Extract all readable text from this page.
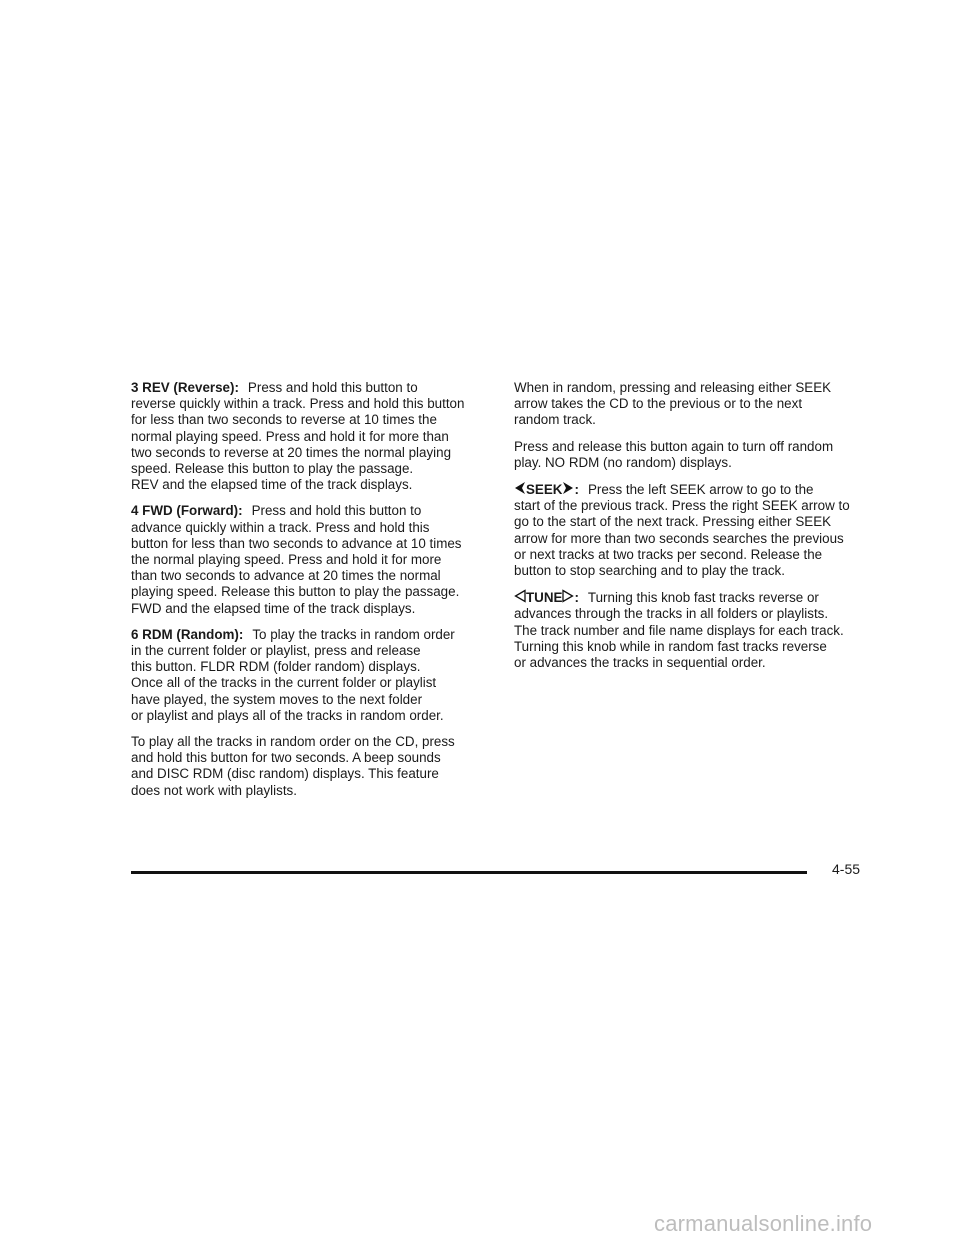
3 REV (Reverse): Press and hold this button to
reverse quickly within a track. Press and hold this button
for less than two seconds to reverse at 10 times the
normal playing speed. Press and hold it for more than
two seconds to reverse at 20 times the normal playing
speed. Release this button to play the passage.
REV and the elapsed time of the track displays.
4 FWD (Forward): Press and hold this button to
advance quickly within a track. Press and hold this
button for less than two seconds to advance at 10 times
the normal playing speed. Press and hold it for more
than two seconds to advance at 20 times the normal
playing speed. Release this button to play the passage.
FWD and the elapsed time of the track displays.
6 RDM (Random): To play the tracks in random order
in the current folder or playlist, press and release
this button. FLDR RDM (folder random) displays.
Once all of the tracks in the current folder or playlist
have played, the system moves to the next folder
or playlist and plays all of the tracks in random order.
To play all the tracks in random order on the CD, press
and hold this button for two seconds. A beep sounds
and DISC RDM (disc random) displays. This feature
does not work with playlists.
When in random, pressing and releasing either SEEK
arrow takes the CD to the previous or to the next
random track.
Press and release this button again to turn off random
play. NO RDM (no random) displays.
SEEK : Press the left SEEK arrow to go to the
start of the previous track. Press the right SEEK arrow to
go to the start of the next track. Pressing either SEEK
arrow for more than two seconds searches the previous
or next tracks at two tracks per second. Release the
button to stop searching and to play the track.
TUNE : Turning this knob fast tracks reverse or
advances through the tracks in all folders or playlists.
The track number and file name displays for each track.
Turning this knob while in random fast tracks reverse
or advances the tracks in sequential order.
4-55
carmanualsonline.info
